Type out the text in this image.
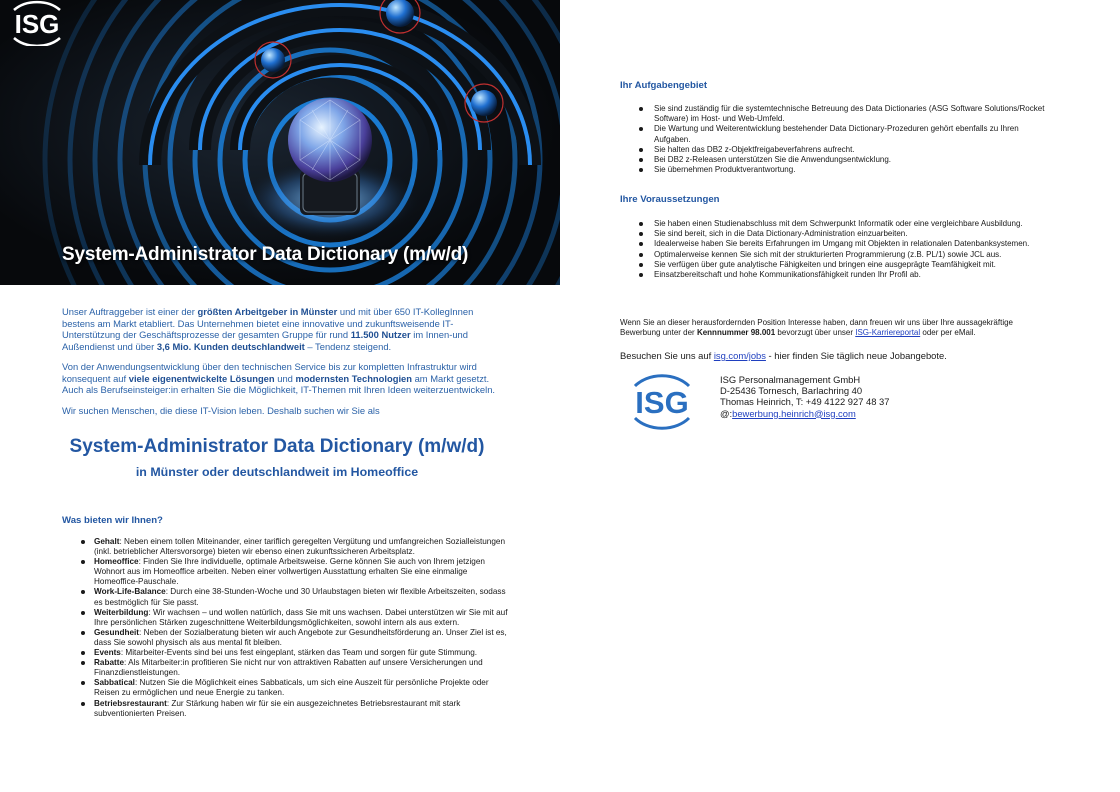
ISG
System-Administrator Data Dictionary (m/w/d)
Unser Auftraggeber ist einer der größten Arbeitgeber in Münster und mit über 650 IT-KollegInnen bestens am Markt etabliert. Das Unternehmen bietet eine innovative und zukunftsweisende IT-Unterstützung der Geschäftsprozesse der gesamten Gruppe für rund 11.500 Nutzer im Innen-und Außendienst und über 3,6 Mio. Kunden deutschlandweit – Tendenz steigend.
Von der Anwendungsentwicklung über den technischen Service bis zur kompletten Infrastruktur wird konsequent auf viele eigenentwickelte Lösungen und modernsten Technologien am Markt gesetzt. Auch als Berufseinsteiger:in erhalten Sie die Möglichkeit, IT-Themen mit Ihren Ideen weiterzuentwickeln.
Wir suchen Menschen, die diese IT-Vision leben. Deshalb suchen wir Sie als
System-Administrator Data Dictionary (m/w/d)
in Münster oder deutschlandweit im Homeoffice
Was bieten wir Ihnen?
Gehalt: Neben einem tollen Miteinander, einer tariflich geregelten Vergütung und umfangreichen Sozialleistungen (inkl. betrieblicher Altersvorsorge) bieten wir ebenso einen zukunftssicheren Arbeitsplatz.
Homeoffice: Finden Sie Ihre individuelle, optimale Arbeitsweise. Gerne können Sie auch von Ihrem jetzigen Wohnort aus im Homeoffice arbeiten. Neben einer vollwertigen Ausstattung erhalten Sie eine einmalige Homeoffice-Pauschale.
Work-Life-Balance: Durch eine 38-Stunden-Woche und 30 Urlaubstagen bieten wir flexible Arbeitszeiten, sodass es bestmöglich für Sie passt.
Weiterbildung: Wir wachsen – und wollen natürlich, dass Sie mit uns wachsen. Dabei unterstützen wir Sie mit auf Ihre persönlichen Stärken zugeschnittene Weiterbildungsmöglichkeiten, sowohl intern als aus extern.
Gesundheit: Neben der Sozialberatung bieten wir auch Angebote zur Gesundheitsförderung an. Unser Ziel ist es, dass Sie sowohl physisch als aus mental fit bleiben.
Events: Mitarbeiter-Events sind bei uns fest eingeplant, stärken das Team und sorgen für gute Stimmung.
Rabatte: Als Mitarbeiter:in profitieren Sie nicht nur von attraktiven Rabatten auf unsere Versicherungen und Finanzdienstleistungen.
Sabbatical: Nutzen Sie die Möglichkeit eines Sabbaticals, um sich eine Auszeit für persönliche Projekte oder Reisen zu ermöglichen und neue Energie zu tanken.
Betriebsrestaurant: Zur Stärkung haben wir für sie ein ausgezeichnetes Betriebsrestaurant mit stark subventionierten Preisen.
Ihr Aufgabengebiet
Sie sind zuständig für die systemtechnische Betreuung des Data Dictionaries (ASG Software Solutions/Rocket Software) im Host- und Web-Umfeld.
Die Wartung und Weiterentwicklung bestehender Data Dictionary-Prozeduren gehört ebenfalls zu Ihren Aufgaben.
Sie halten das DB2 z-Objektfreigabeverfahrens aufrecht.
Bei DB2 z-Releasen unterstützen Sie die Anwendungsentwicklung.
Sie übernehmen Produktverantwortung.
Ihre Voraussetzungen
Sie haben einen Studienabschluss mit dem Schwerpunkt Informatik oder eine vergleichbare Ausbildung.
Sie sind bereit, sich in die Data Dictionary-Administration einzuarbeiten.
Idealerweise haben Sie bereits Erfahrungen im Umgang mit Objekten in relationalen Datenbanksystemen.
Optimalerweise kennen Sie sich mit der strukturierten Programmierung (z.B. PL/1) sowie JCL aus.
Sie verfügen über gute analytische Fähigkeiten und bringen eine ausgeprägte Teamfähigkeit mit.
Einsatzbereitschaft und hohe Kommunikationsfähigkeit runden Ihr Profil ab.
Wenn Sie an dieser herausfordernden Position Interesse haben, dann freuen wir uns über Ihre aussagekräftige Bewerbung unter der Kennnummer 98.001 bevorzugt über unser ISG-Karriereportal oder per eMail.
Besuchen Sie uns auf isg.com/jobs - hier finden Sie täglich neue Jobangebote.
ISG
ISG Personalmanagement GmbH
D-25436 Tornesch, Barlachring 40
Thomas Heinrich, T: +49 4122 927 48 37
@:bewerbung.heinrich@isg.com
